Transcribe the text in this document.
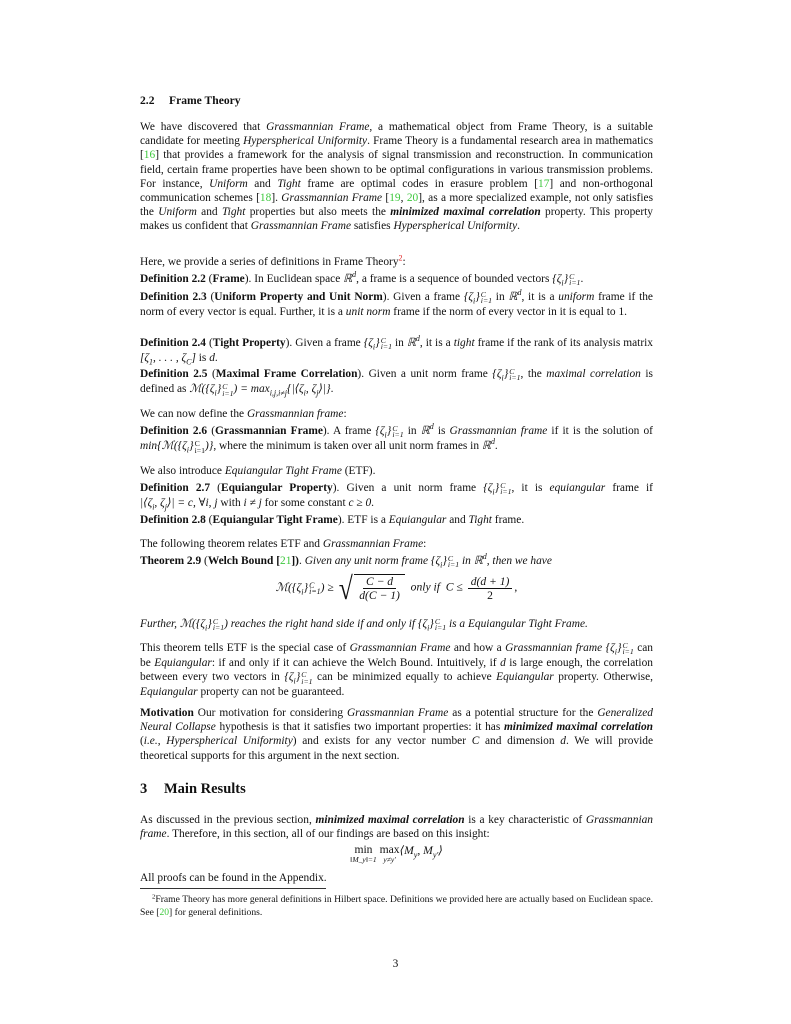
2.2 Frame Theory
We have discovered that Grassmannian Frame, a mathematical object from Frame Theory, is a suitable candidate for meeting Hyperspherical Uniformity. Frame Theory is a fundamental research area in mathematics [16] that provides a framework for the analysis of signal transmission and reconstruction. In communication field, certain frame properties have been shown to be optimal configurations in various transmission problems. For instance, Uniform and Tight frame are optimal codes in erasure problem [17] and non-orthogonal communication schemes [18]. Grassmannian Frame [19, 20], as a more specialized example, not only satisfies the Uniform and Tight properties but also meets the minimized maximal correlation property. This property makes us confident that Grassmannian Frame satisfies Hyperspherical Uniformity.
Here, we provide a series of definitions in Frame Theory$^2$:
Definition 2.2 (Frame). In Euclidean space ℝ$^d$, a frame is a sequence of bounded vectors $\{\zeta_i\}$ C
i=1 .
Definition 2.3 (Uniform Property and Unit Norm). Given a frame $\{\zeta_i\}$ C
i=1 in ℝ$^d$, it is a uniform frame if the norm of every vector is equal. Further, it is a unit norm frame if the norm of every vector in it is equal to 1.
Definition 2.4 (Tight Property). Given a frame $\{\zeta_i\}$ C
i=1 in ℝ$^d$, it is a tight frame if the rank of its analysis matrix [$\zeta_1$, . . . , $\zeta_C$] is d.
Definition 2.5 (Maximal Frame Correlation). Given a unit norm frame $\{\zeta_i\}$ C
i=1 , the maximal correlation is defined as $ℳ(\{\zeta_i\}$ C
i=1 ) = $\max_{i,j,i\ne j}\{|⟨\zeta_i$, $\zeta_j⟩|$}.
We can now define the Grassmannian frame:
Definition 2.6 (Grassmannian Frame). A frame $\{\zeta_i\}$ C
i=1 in ℝ$^d$ is Grassmannian frame if it is the solution of $\min\{ℳ(\{\zeta_i\}$ C
i=1 )}, where the minimum is taken over all unit norm frames in ℝ$^d$.
We also introduce Equiangular Tight Frame (ETF).
Definition 2.7 (Equiangular Property). Given a unit norm frame $\{\zeta_i\}$ C
i=1 , it is equiangular frame if $|⟨\zeta_i$, $\zeta_j⟩| = c$, ∀i, j with i ≠ j for some constant c ≥ 0.
Definition 2.8 (Equiangular Tight Frame). ETF is a Equiangular and Tight frame.
The following theorem relates ETF and Grassmannian Frame:
Theorem 2.9 (Welch Bound [21]). Given any unit norm frame $\{\zeta_i\}$ C
i=1 in ℝ$^d$, then we have
$ℳ(\{\zeta_i\}$ C
i=1 ) ≥ √ $\frac{C - d}{d(C - 1)}$ only if $C \le \frac{d(d + 1)}{2}$ ,
Further, $ℳ(\{\zeta_i\}$ C
i=1 ) reaches the right hand side if and only if $\{\zeta_i\}$ C
i=1 is a Equiangular Tight Frame.
This theorem tells ETF is the special case of Grassmannian Frame and how a Grassmannian frame $\{\zeta_i\}$ C
i=1 can be Equiangular: if and only if it can achieve the Welch Bound. Intuitively, if d is large enough, the correlation between every two vectors in $\{\zeta_i\}$ C
i=1 can be minimized equally to achieve Equiangular property. Otherwise, Equiangular property can not be guaranteed.
Motivation Our motivation for considering Grassmannian Frame as a potential structure for the Generalized Neural Collapse hypothesis is that it satisfies two important properties: it has minimized maximal correlation (i.e., Hyperspherical Uniformity) and exists for any vector number C and dimension d. We will provide theoretical supports for this argument in the next section.
3 Main Results
As discussed in the previous section, minimized maximal correlation is a key characteristic of Grassmannian frame. Therefore, in this section, all of our findings are based on this insight:
min
‖M_y‖=1

max
y≠y′
$⟨M_y$, $M_{y'}⟩$
All proofs can be found in the Appendix.
$^2$Frame Theory has more general definitions in Hilbert space. Definitions we provided here are actually based on Euclidean space. See [20] for general definitions.
3
